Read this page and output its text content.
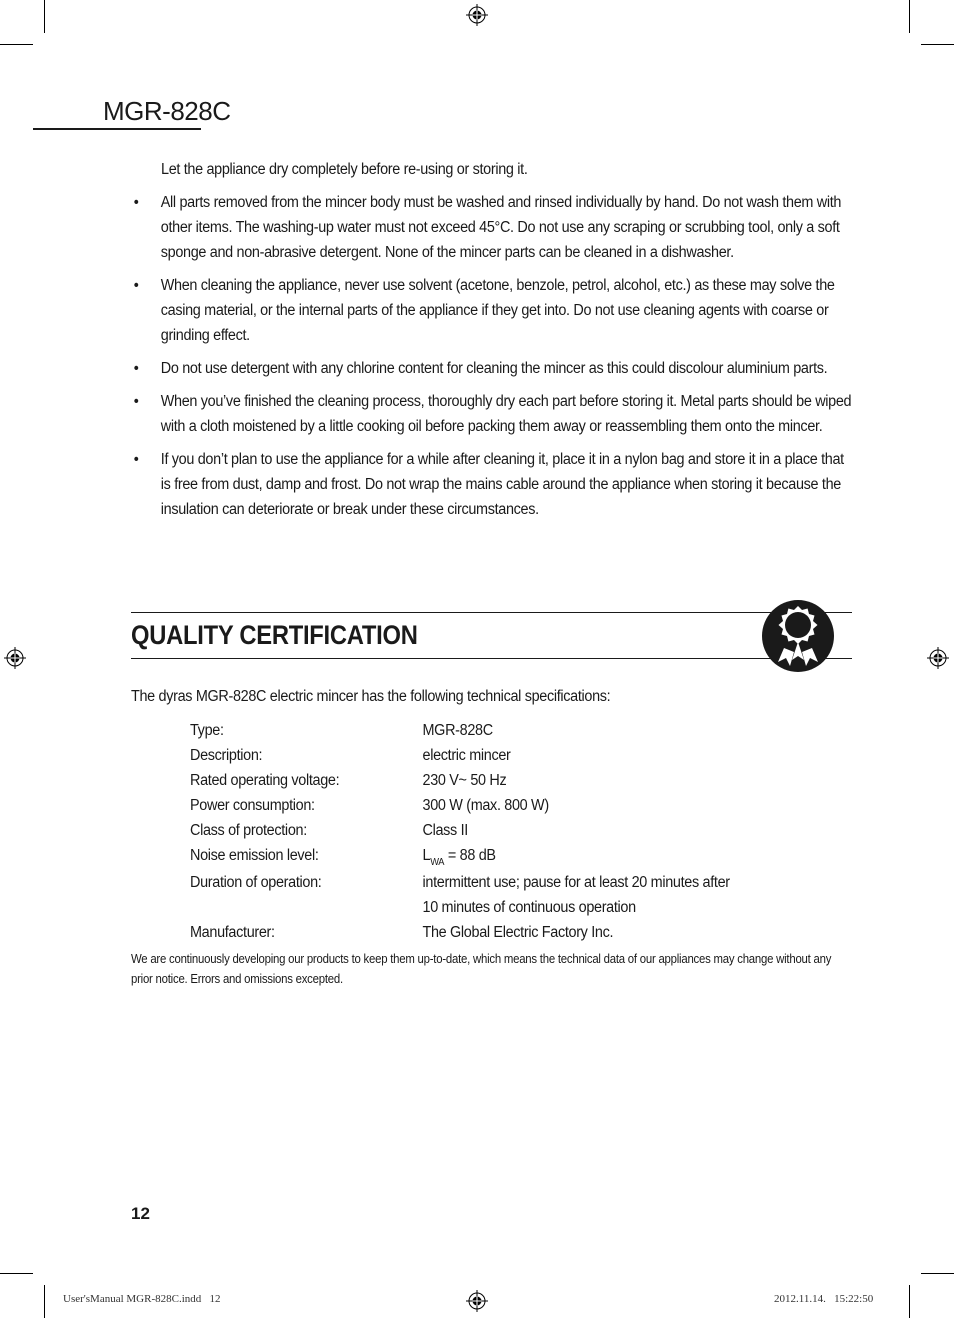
MGR-828C
Let the appliance dry completely before re-using or storing it.
• All parts removed from the mincer body must be washed and rinsed individually by hand. Do not wash them with other items. The washing-up water must not exceed 45°C. Do not use any scraping or scrubbing tool, only a soft sponge and non-abrasive detergent. None of the mincer parts can be cleaned in a dishwasher.
• When cleaning the appliance, never use solvent (acetone, benzole, petrol, alcohol, etc.) as these may solve the casing material, or the internal parts of the appliance if they get into. Do not use cleaning agents with coarse or grinding effect.
• Do not use detergent with any chlorine content for cleaning the mincer as this could discolour aluminium parts.
• When you’ve finished the cleaning process, thoroughly dry each part before storing it. Metal parts should be wiped with a cloth moistened by a little cooking oil before packing them away or reassembling them onto the mincer.
• If you don’t plan to use the appliance for a while after cleaning it, place it in a nylon bag and store it in a place that is free from dust, damp and frost. Do not wrap the mains cable around the appliance when storing it because the insulation can deteriorate or break under these circumstances.
QUALITY CERTIFICATION
The dyras MGR-828C electric mincer has the following technical specifications:
Type:	MGR-828C
Description:	electric mincer
Rated operating voltage:	230 V~ 50 Hz
Power consumption:	300 W (max. 800 W)
Class of protection:	Class II
Noise emission level:	$L_{WA} = 88$ dB
Duration of operation:	intermittent use; pause for at least 20 minutes after
10 minutes of continuous operation
Manufacturer:	The Global Electric Factory Inc.
We are continuously developing our products to keep them up-to-date, which means the technical data of our appliances may change without any prior notice. Errors and omissions excepted.
12
User'sManual MGR-828C.indd   12	2012.11.14.   15:22:50
